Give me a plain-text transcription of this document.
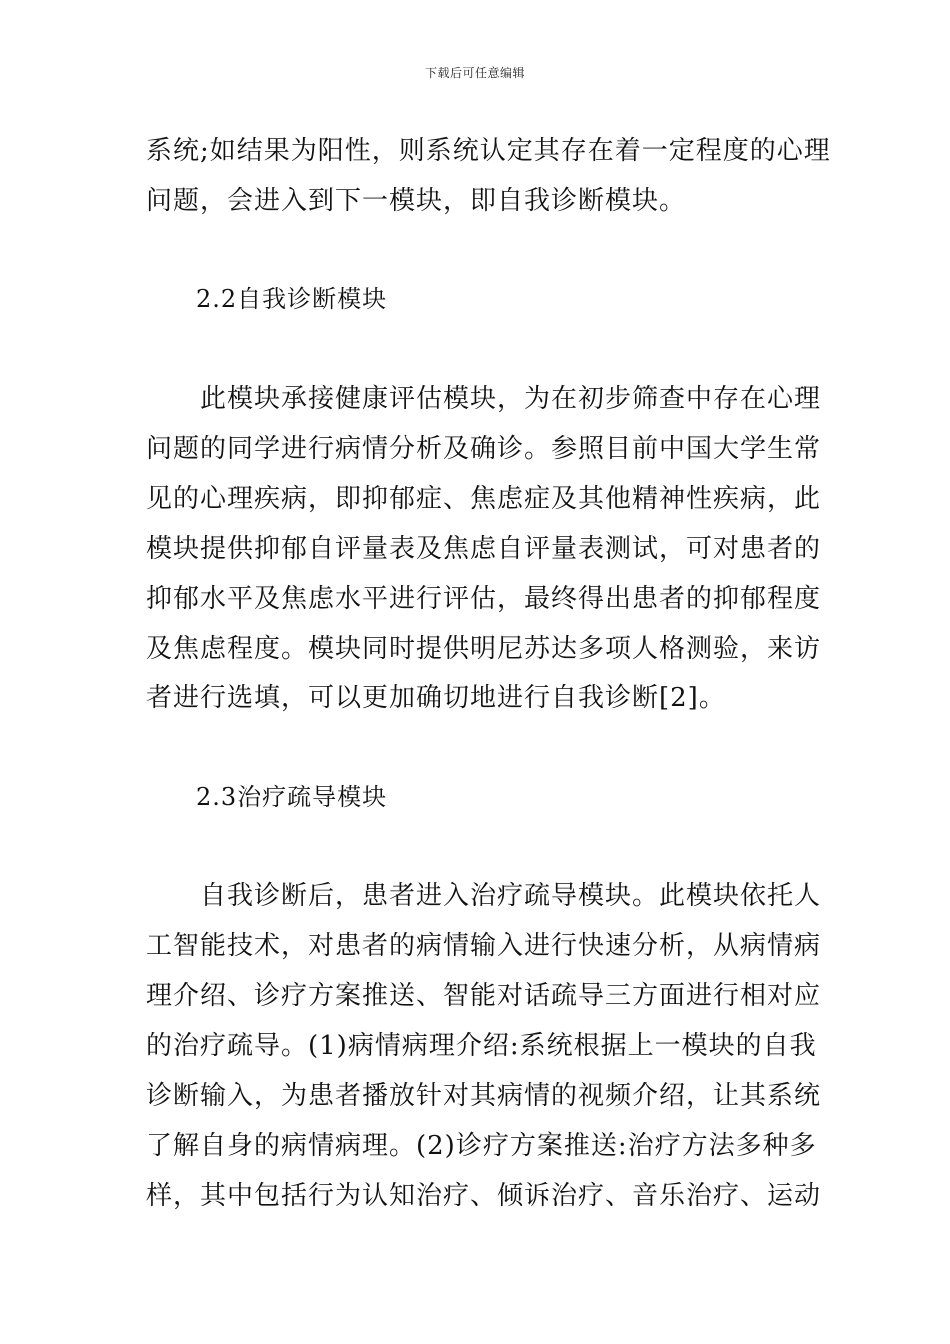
下载后可任意编辑
系统;如结果为阳性，则系统认定其存在着一定程度的心理
问题，会进入到下一模块，即自我诊断模块。
2.2自我诊断模块
　　此模块承接健康评估模块，为在初步筛查中存在心理
问题的同学进行病情分析及确诊。参照目前中国大学生常
见的心理疾病，即抑郁症、焦虑症及其他精神性疾病，此
模块提供抑郁自评量表及焦虑自评量表测试，可对患者的
抑郁水平及焦虑水平进行评估，最终得出患者的抑郁程度
及焦虑程度。模块同时提供明尼苏达多项人格测验，来访
者进行选填，可以更加确切地进行自我诊断[2]。
2.3治疗疏导模块
　　自我诊断后，患者进入治疗疏导模块。此模块依托人
工智能技术，对患者的病情输入进行快速分析，从病情病
理介绍、诊疗方案推送、智能对话疏导三方面进行相对应
的治疗疏导。(1)病情病理介绍:系统根据上一模块的自我
诊断输入，为患者播放针对其病情的视频介绍，让其系统
了解自身的病情病理。(2)诊疗方案推送:治疗方法多种多
样，其中包括行为认知治疗、倾诉治疗、音乐治疗、运动
